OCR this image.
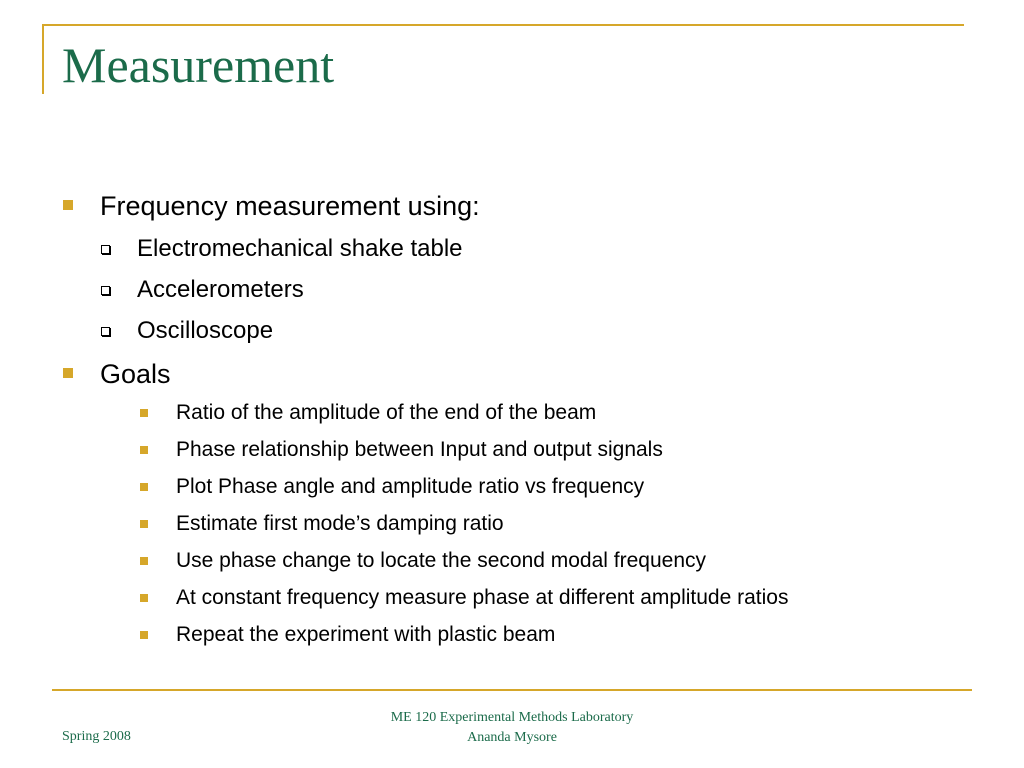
Measurement
Frequency measurement using:
Electromechanical shake table
Accelerometers
Oscilloscope
Goals
Ratio of the amplitude of the end of the beam
Phase relationship between Input and output signals
Plot Phase angle and amplitude ratio vs frequency
Estimate first mode’s damping ratio
Use phase change to locate the second modal frequency
At constant frequency measure phase at different amplitude ratios
Repeat the experiment with plastic beam
Spring 2008
ME 120 Experimental Methods Laboratory
Ananda Mysore
